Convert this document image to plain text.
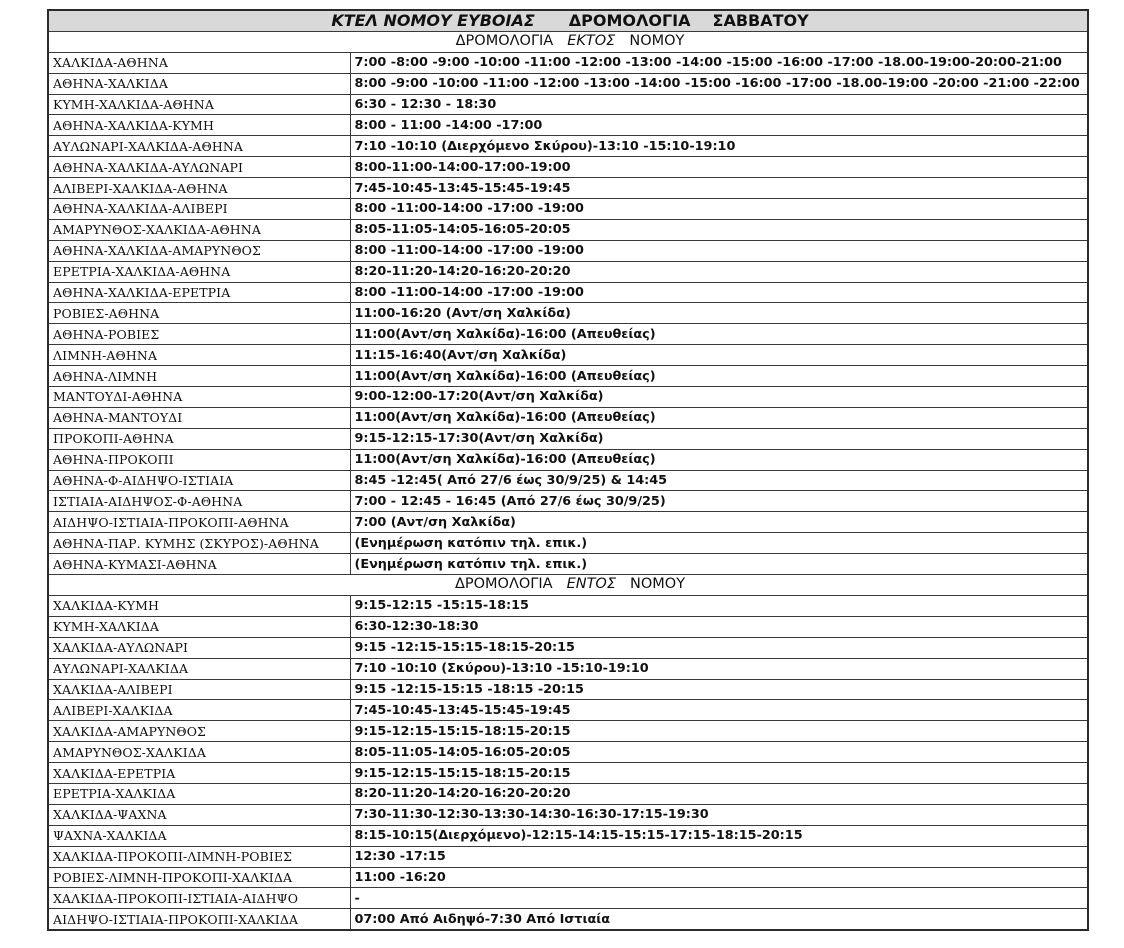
ΚΤΕΛ ΝΟΜΟΥ ΕΥΒΟΙΑΣ ΔΡΟΜΟΛΟΓΙΑ ΣΑΒΒΑΤΟΥ	
ΔΡΟΜΟΛΟΓΙΑ ΕΚΤΟΣ ΝΟΜΟΥ	
ΧΑΛΚΙΔΑ-ΑΘΗΝΑ	7:00 -8:00 -9:00 -10:00 -11:00 -12:00 -13:00 -14:00 -15:00 -16:00 -17:00 -18.00-19:00-20:00-21:00
ΑΘΗΝΑ-ΧΑΛΚΙΔΑ	8:00 -9:00 -10:00 -11:00 -12:00 -13:00 -14:00 -15:00 -16:00 -17:00 -18.00-19:00 -20:00 -21:00 -22:00
ΚΥΜΗ-ΧΑΛΚΙΔΑ-ΑΘΗΝΑ	6:30 - 12:30 - 18:30
ΑΘΗΝΑ-ΧΑΛΚΙΔΑ-ΚΥΜΗ	8:00 - 11:00 -14:00 -17:00
ΑΥΛΩΝΑΡΙ-ΧΑΛΚΙΔΑ-ΑΘΗΝΑ	7:10 -10:10 (Διερχόμενο Σκύρου)-13:10 -15:10-19:10
ΑΘΗΝΑ-ΧΑΛΚΙΔΑ-ΑΥΛΩΝΑΡΙ	8:00-11:00-14:00-17:00-19:00
ΑΛΙΒΕΡΙ-ΧΑΛΚΙΔΑ-ΑΘΗΝΑ	7:45-10:45-13:45-15:45-19:45
ΑΘΗΝΑ-ΧΑΛΚΙΔΑ-ΑΛΙΒΕΡΙ	8:00 -11:00-14:00 -17:00 -19:00
ΑΜΑΡΥΝΘΟΣ-ΧΑΛΚΙΔΑ-ΑΘΗΝΑ	8:05-11:05-14:05-16:05-20:05
ΑΘΗΝΑ-ΧΑΛΚΙΔΑ-ΑΜΑΡΥΝΘΟΣ	8:00 -11:00-14:00 -17:00 -19:00
ΕΡΕΤΡΙΑ-ΧΑΛΚΙΔΑ-ΑΘΗΝΑ	8:20-11:20-14:20-16:20-20:20
ΑΘΗΝΑ-ΧΑΛΚΙΔΑ-ΕΡΕΤΡΙΑ	8:00 -11:00-14:00 -17:00 -19:00
ΡΟΒΙΕΣ-ΑΘΗΝΑ	11:00-16:20 (Αντ/ση Χαλκίδα)
ΑΘΗΝΑ-ΡΟΒΙΕΣ	11:00(Αντ/ση Χαλκίδα)-16:00 (Απευθείας)
ΛΙΜΝΗ-ΑΘΗΝΑ	11:15-16:40(Αντ/ση Χαλκίδα)
ΑΘΗΝΑ-ΛΙΜΝΗ	11:00(Αντ/ση Χαλκίδα)-16:00 (Απευθείας)
ΜΑΝΤΟΥΔΙ-ΑΘΗΝΑ	9:00-12:00-17:20(Αντ/ση Χαλκίδα)
ΑΘΗΝΑ-ΜΑΝΤΟΥΔΙ	11:00(Αντ/ση Χαλκίδα)-16:00 (Απευθείας)
ΠΡΟΚΟΠΙ-ΑΘΗΝΑ	9:15-12:15-17:30(Αντ/ση Χαλκίδα)
ΑΘΗΝΑ-ΠΡΟΚΟΠΙ	11:00(Αντ/ση Χαλκίδα)-16:00 (Απευθείας)
ΑΘΗΝΑ-Φ-ΑΙΔΗΨΟ-ΙΣΤΙΑΙΑ	8:45 -12:45( Από 27/6 έως 30/9/25) & 14:45
ΙΣΤΙΑΙΑ-ΑΙΔΗΨΟΣ-Φ-ΑΘΗΝΑ	7:00 - 12:45 - 16:45 (Από 27/6 έως 30/9/25)
ΑΙΔΗΨΟ-ΙΣΤΙΑΙΑ-ΠΡΟΚΟΠΙ-ΑΘΗΝΑ	7:00 (Αντ/ση Χαλκίδα)
ΑΘΗΝΑ-ΠΑΡ. ΚΥΜΗΣ (ΣΚΥΡΟΣ)-ΑΘΗΝΑ	(Ενημέρωση κατόπιν τηλ. επικ.)
ΑΘΗΝΑ-ΚΥΜΑΣΙ-ΑΘΗΝΑ	(Ενημέρωση κατόπιν τηλ. επικ.)
ΔΡΟΜΟΛΟΓΙΑ ΕΝΤΟΣ ΝΟΜΟΥ	
ΧΑΛΚΙΔΑ-ΚΥΜΗ	9:15-12:15 -15:15-18:15
ΚΥΜΗ-ΧΑΛΚΙΔΑ	6:30-12:30-18:30
ΧΑΛΚΙΔΑ-ΑΥΛΩΝΑΡΙ	9:15 -12:15-15:15-18:15-20:15
ΑΥΛΩΝΑΡΙ-ΧΑΛΚΙΔΑ	7:10 -10:10 (Σκύρου)-13:10 -15:10-19:10
ΧΑΛΚΙΔΑ-ΑΛΙΒΕΡΙ	9:15 -12:15-15:15 -18:15 -20:15
ΑΛΙΒΕΡΙ-ΧΑΛΚΙΔΑ	7:45-10:45-13:45-15:45-19:45
ΧΑΛΚΙΔΑ-ΑΜΑΡΥΝΘΟΣ	9:15-12:15-15:15-18:15-20:15
ΑΜΑΡΥΝΘΟΣ-ΧΑΛΚΙΔΑ	8:05-11:05-14:05-16:05-20:05
ΧΑΛΚΙΔΑ-ΕΡΕΤΡΙΑ	9:15-12:15-15:15-18:15-20:15
ΕΡΕΤΡΙΑ-ΧΑΛΚΙΔΑ	8:20-11:20-14:20-16:20-20:20
ΧΑΛΚΙΔΑ-ΨΑΧΝΑ	7:30-11:30-12:30-13:30-14:30-16:30-17:15-19:30
ΨΑΧΝΑ-ΧΑΛΚΙΔΑ	8:15-10:15(Διερχόμενο)-12:15-14:15-15:15-17:15-18:15-20:15
ΧΑΛΚΙΔΑ-ΠΡΟΚΟΠΙ-ΛΙΜΝΗ-ΡΟΒΙΕΣ	12:30 -17:15
ΡΟΒΙΕΣ-ΛΙΜΝΗ-ΠΡΟΚΟΠΙ-ΧΑΛΚΙΔΑ	11:00 -16:20
ΧΑΛΚΙΔΑ-ΠΡΟΚΟΠΙ-ΙΣΤΙΑΙΑ-ΑΙΔΗΨΟ	-
ΑΙΔΗΨΟ-ΙΣΤΙΑΙΑ-ΠΡΟΚΟΠΙ-ΧΑΛΚΙΔΑ	07:00 Από Αιδηψό-7:30 Από Ιστιαία
